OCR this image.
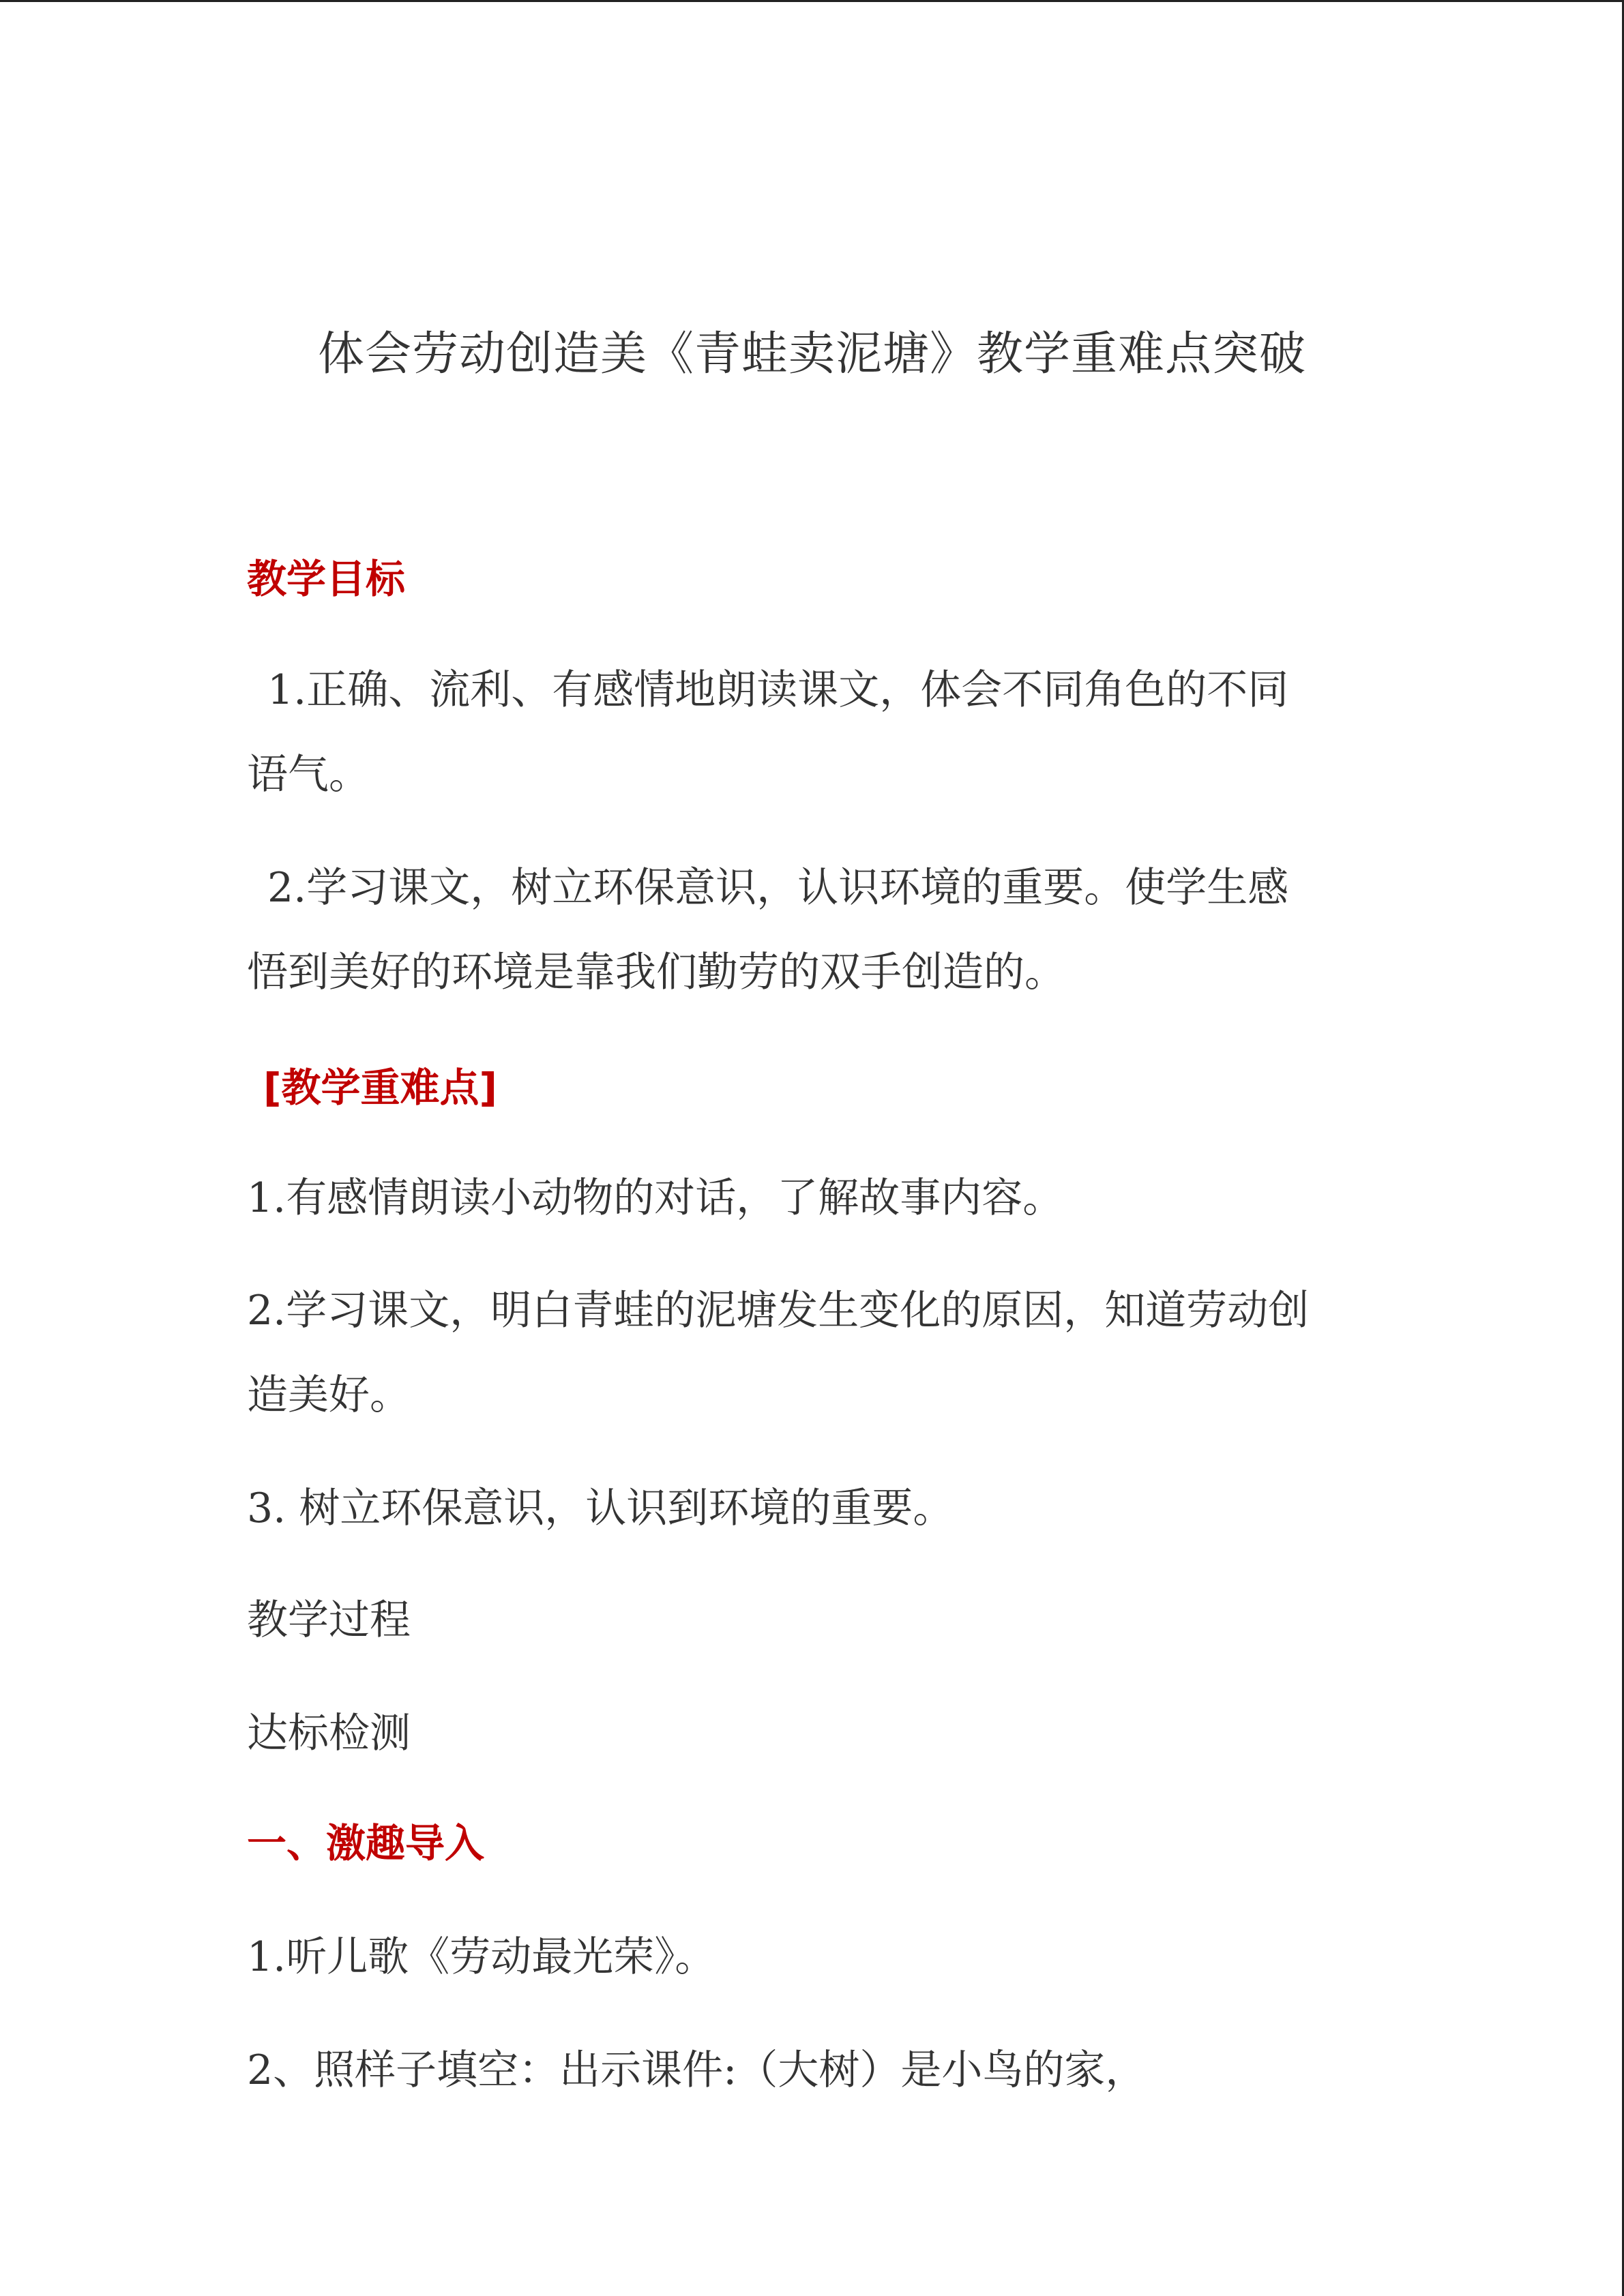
体会劳动创造美《青蛙卖泥塘》教学重难点突破
教学目标
1.正确、流利、有感情地朗读课文，体会不同角色的不同
语气。
2.学习课文，树立环保意识，认识环境的重要。使学生感
悟到美好的环境是靠我们勤劳的双手创造的。
[教学重难点]
1.有感情朗读小动物的对话，了解故事内容。
2.学习课文，明白青蛙的泥塘发生变化的原因，知道劳动创
造美好。
3. 树立环保意识，认识到环境的重要。
教学过程
达标检测
一、激趣导入
1.听儿歌《劳动最光荣》。
2、照样子填空：出示课件:（大树）是小鸟的家，
